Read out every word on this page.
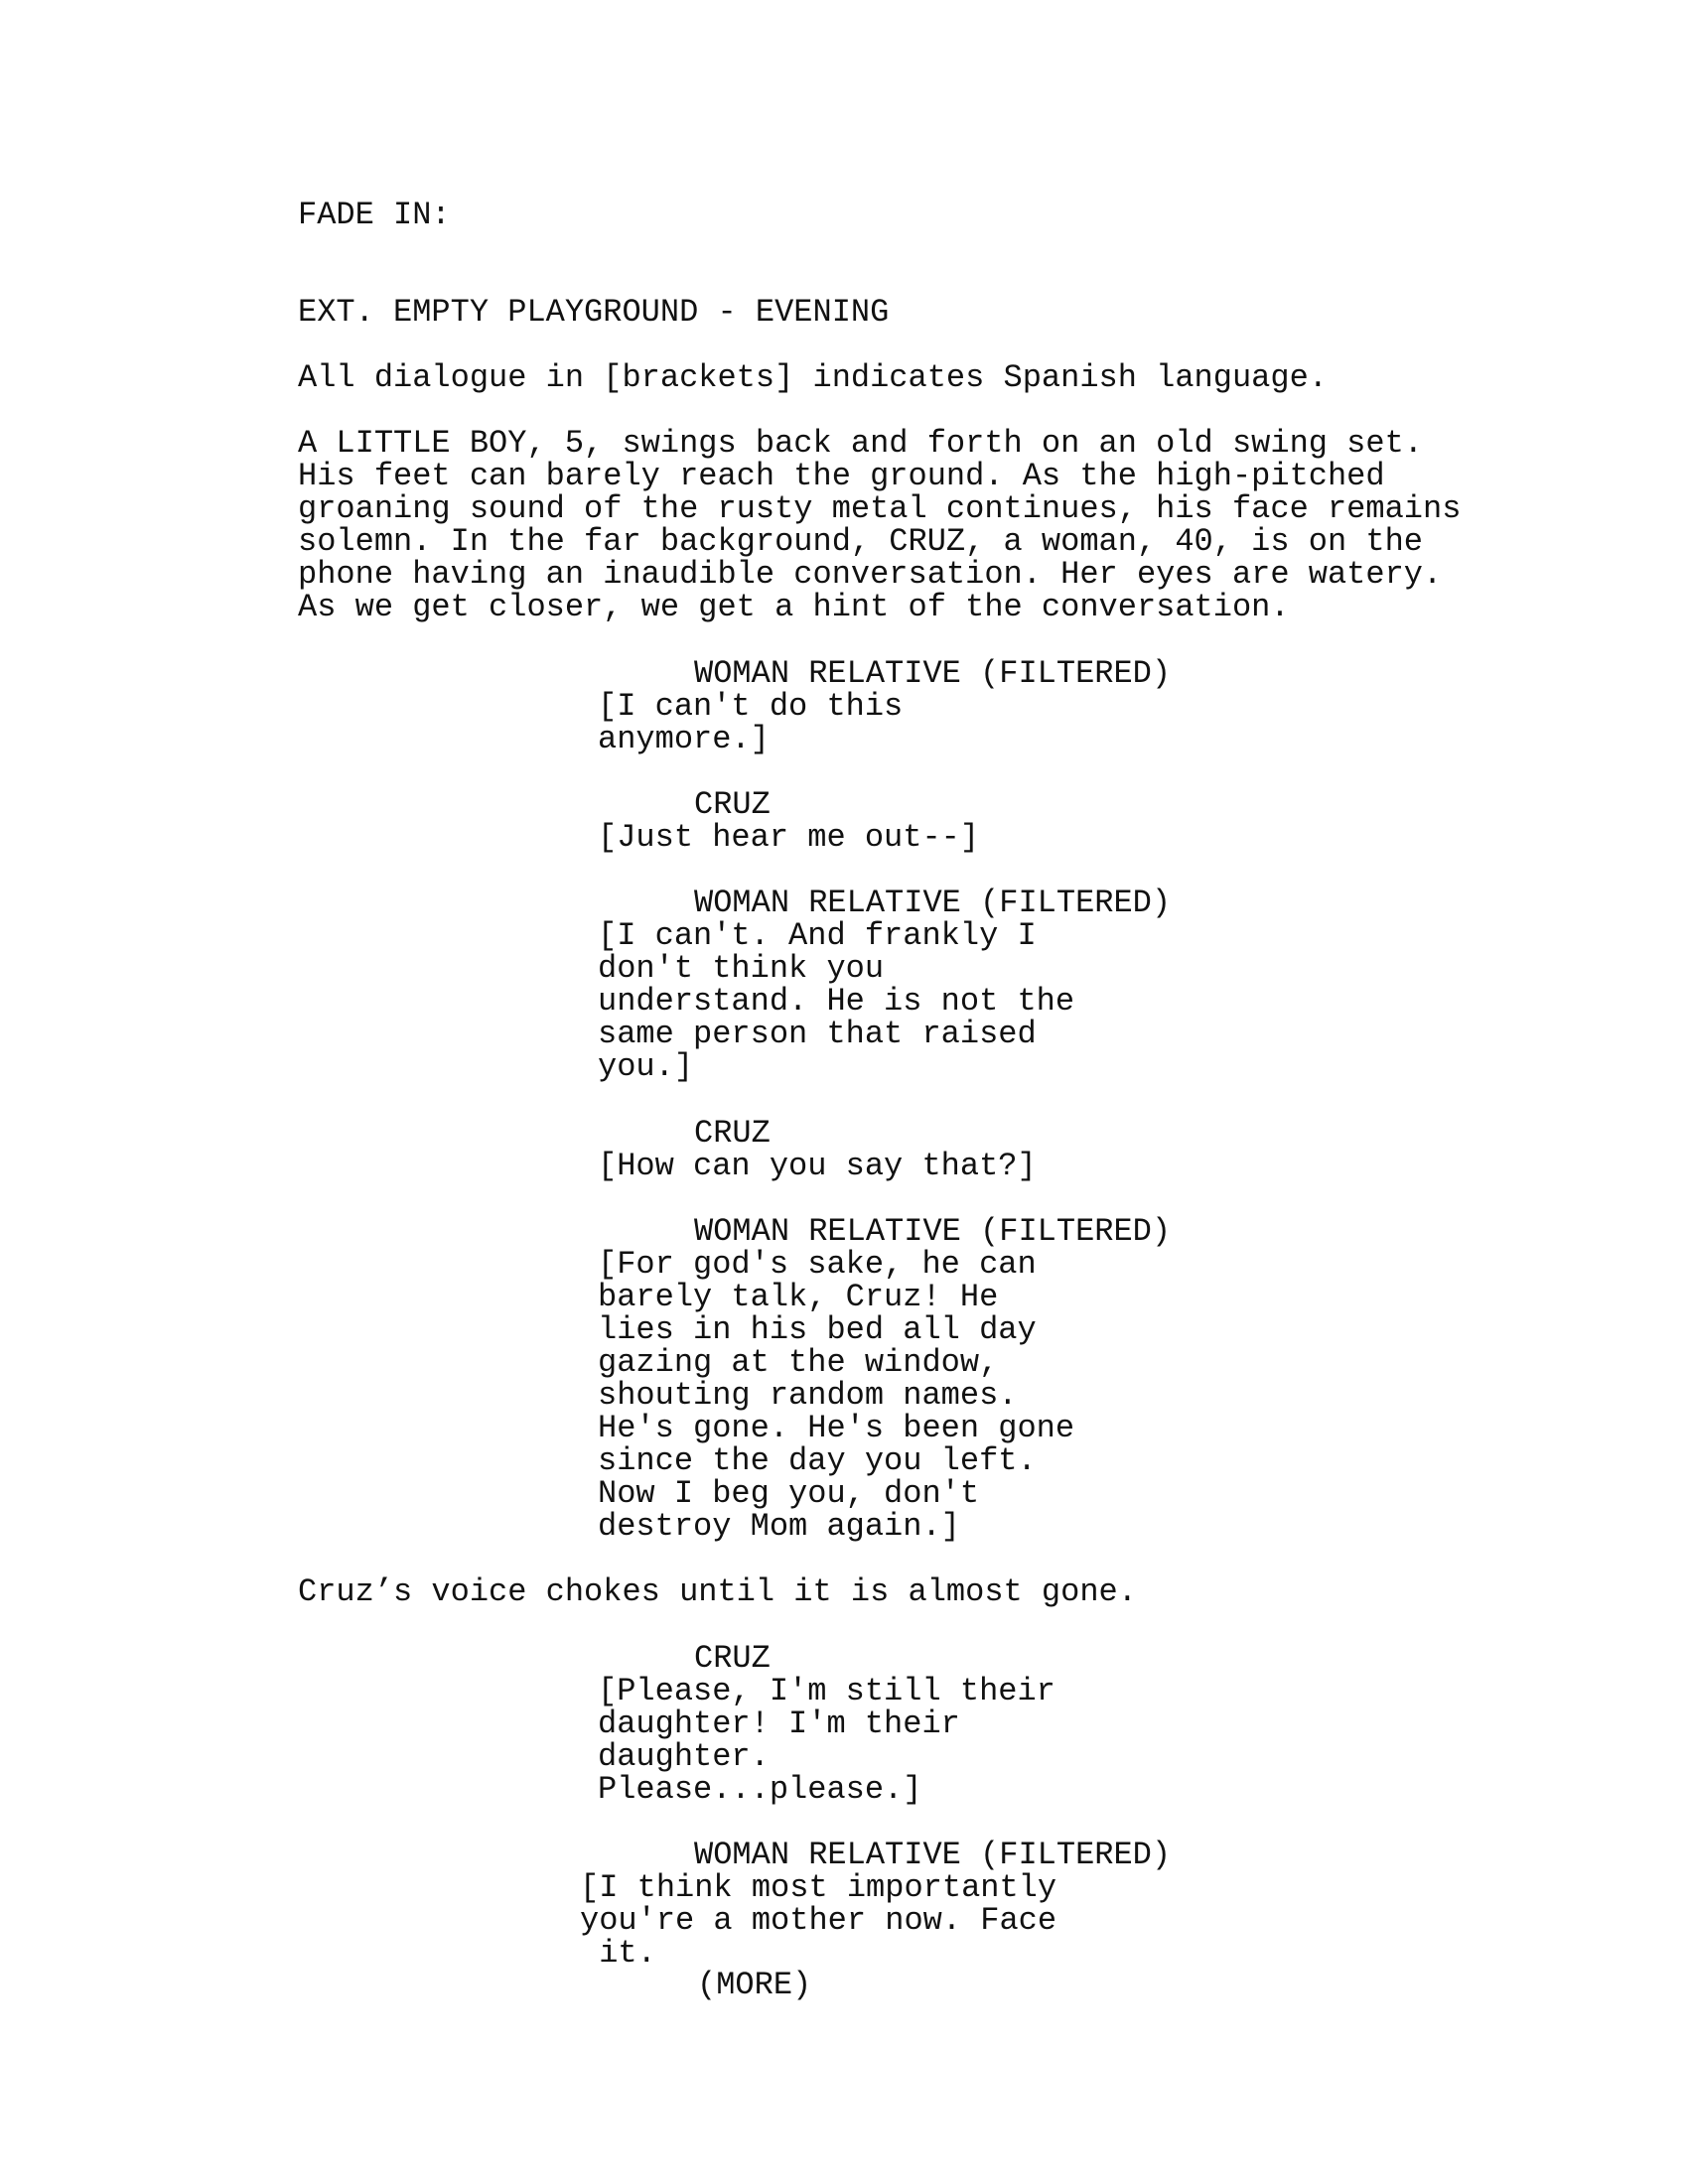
FADE IN:
EXT. EMPTY PLAYGROUND - EVENING
All dialogue in [brackets] indicates Spanish language.
A LITTLE BOY, 5, swings back and forth on an old swing set.
His feet can barely reach the ground. As the high-pitched
groaning sound of the rusty metal continues, his face remains
solemn. In the far background, CRUZ, a woman, 40, is on the
phone having an inaudible conversation. Her eyes are watery.
As we get closer, we get a hint of the conversation.
WOMAN RELATIVE (FILTERED)
[I can't do this
anymore.]
CRUZ
[Just hear me out--]
WOMAN RELATIVE (FILTERED)
[I can't. And frankly I
don't think you
understand. He is not the
same person that raised
you.]
CRUZ
[How can you say that?]
WOMAN RELATIVE (FILTERED)
[For god's sake, he can
barely talk, Cruz! He
lies in his bed all day
gazing at the window,
shouting random names.
He's gone. He's been gone
since the day you left.
Now I beg you, don't
destroy Mom again.]
Cruz’s voice chokes until it is almost gone.
CRUZ
[Please, I'm still their
daughter! I'm their
daughter.
Please...please.]
WOMAN RELATIVE (FILTERED)
[I think most importantly
you're a mother now. Face
it.
(MORE)
